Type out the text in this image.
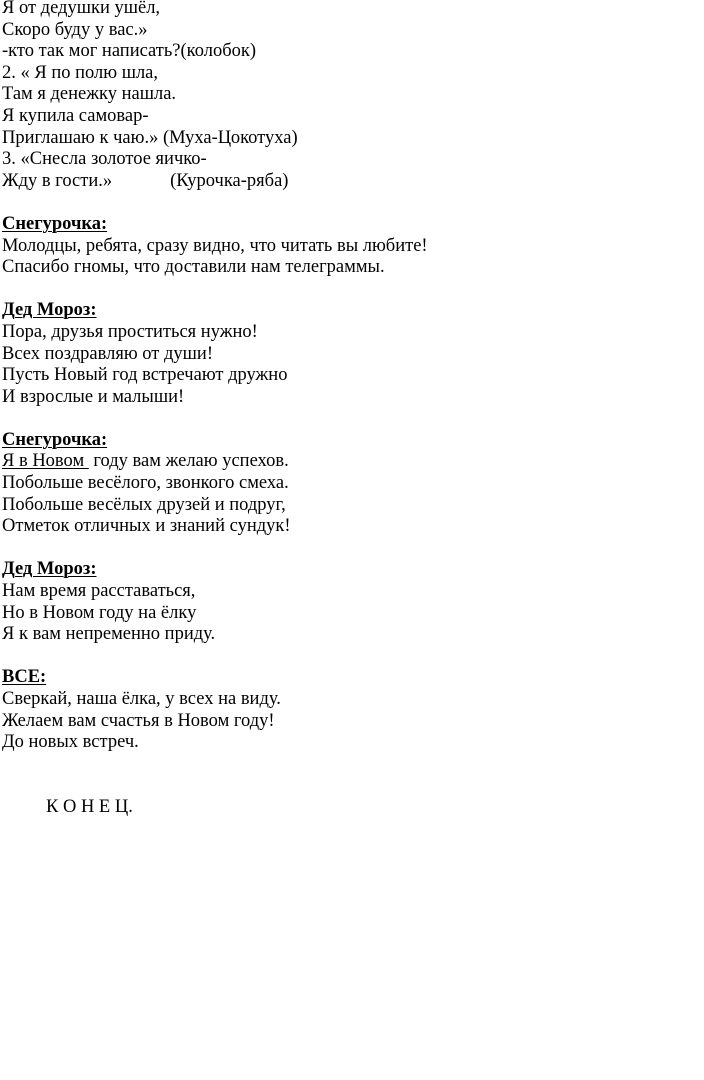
Я от дедушки ушёл,

Скоро буду у вас.»

-кто так мог написать?(колобок)

2. « Я по полю шла,

Там я денежку нашла.

Я купила самовар-

Приглашаю к чаю.» (Муха-Цокотуха)

3. «Снесла золотое яичко-

Жду в гости.»	(Курочка-ряба)

Снегурочка:

Молодцы, ребята, сразу видно, что читать вы любите!

Спасибо гномы, что доставили нам телеграммы.

Дед Мороз:

Пора, друзья проститься нужно!

Всех поздравляю от души!

Пусть Новый год встречают дружно

И взрослые и малыши!

Снегурочка:

Я в Новом  году вам желаю успехов.

Побольше весёлого, звонкого смеха.

Побольше весёлых друзей и подруг,

Отметок отличных и знаний сундук!

Дед Мороз:

Нам время расставаться,

Но в Новом году на ёлку

Я к вам непременно приду.

ВСЕ:

Сверкай, наша ёлка, у всех на виду.

Желаем вам счастья в Новом году!

До новых встреч.

К О Н Е Ц.
